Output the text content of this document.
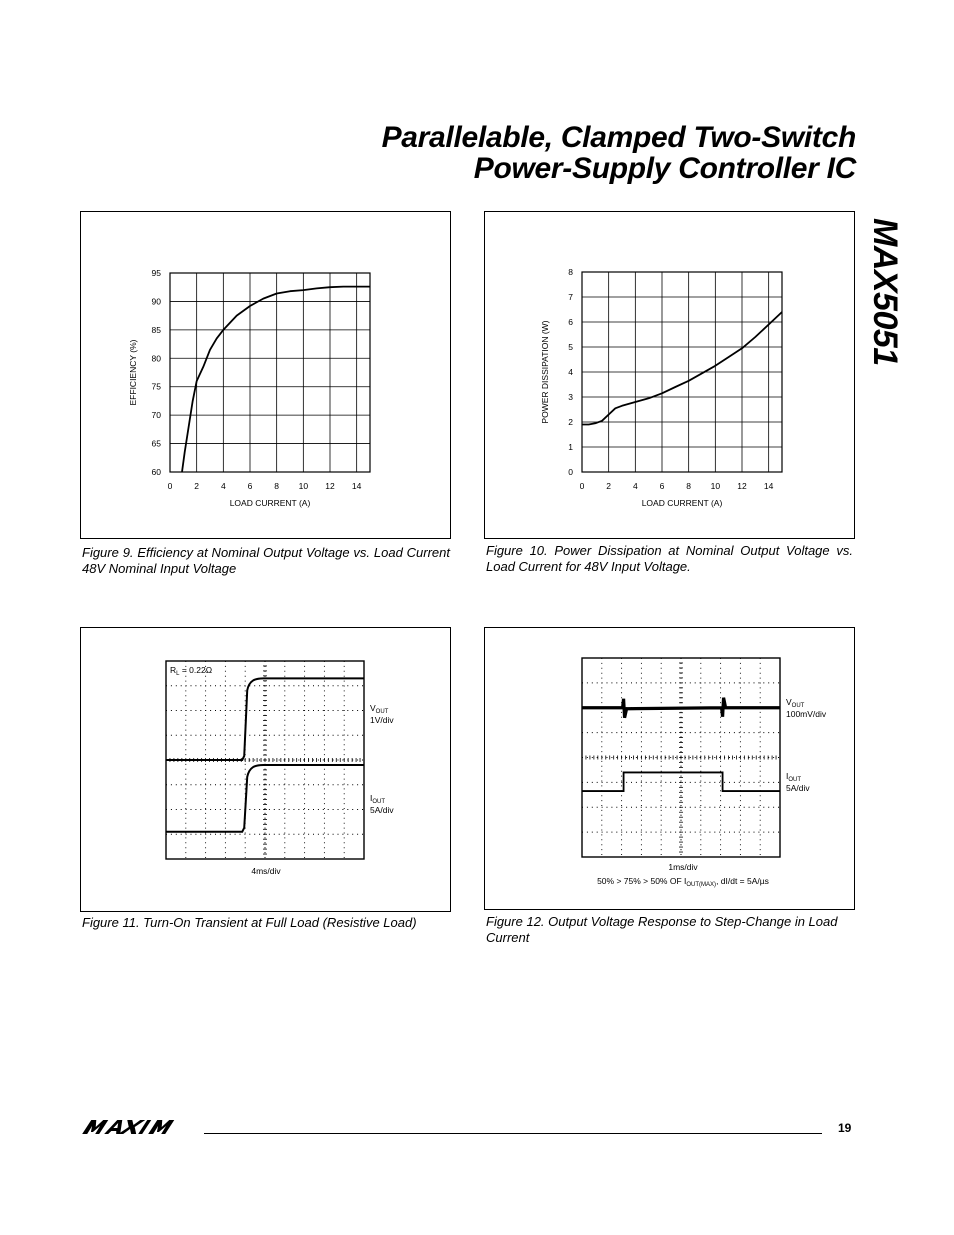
Parallelable, Clamped Two-Switch
Power-Supply Controller IC
MAX5051
0	2	4	6	8 10 12 14
60
65
70
75
80
85
90
95
LOAD CURRENT (A)
EFFICIENCY (%)
Figure 9. Efficiency at Nominal Output Voltage vs. Load Current 48V Nominal Input Voltage
0	2	4	6	8 10 12 14
0
1
2
3
4
5
6
7
8
LOAD CURRENT (A)
POWER DISSIPATION (W)
Figure 10. Power Dissipation at Nominal Output Voltage vs. Load Current for 48V Input Voltage.
$R_L = 0.22\Omega$
$V_{OUT}$
1V/div
$I_{OUT}$
5A/div
4ms/div
Figure 11. Turn-On Transient at Full Load (Resistive Load)
$V_{OUT}$
100mV/div
$I_{OUT}$
5A/div
1ms/div
50% > 75% > 50% OF $I_{OUT(MAX)}$, dI/dt = 5A/µs
Figure 12. Output Voltage Response to Step-Change in Load Current
MAXIM
19
